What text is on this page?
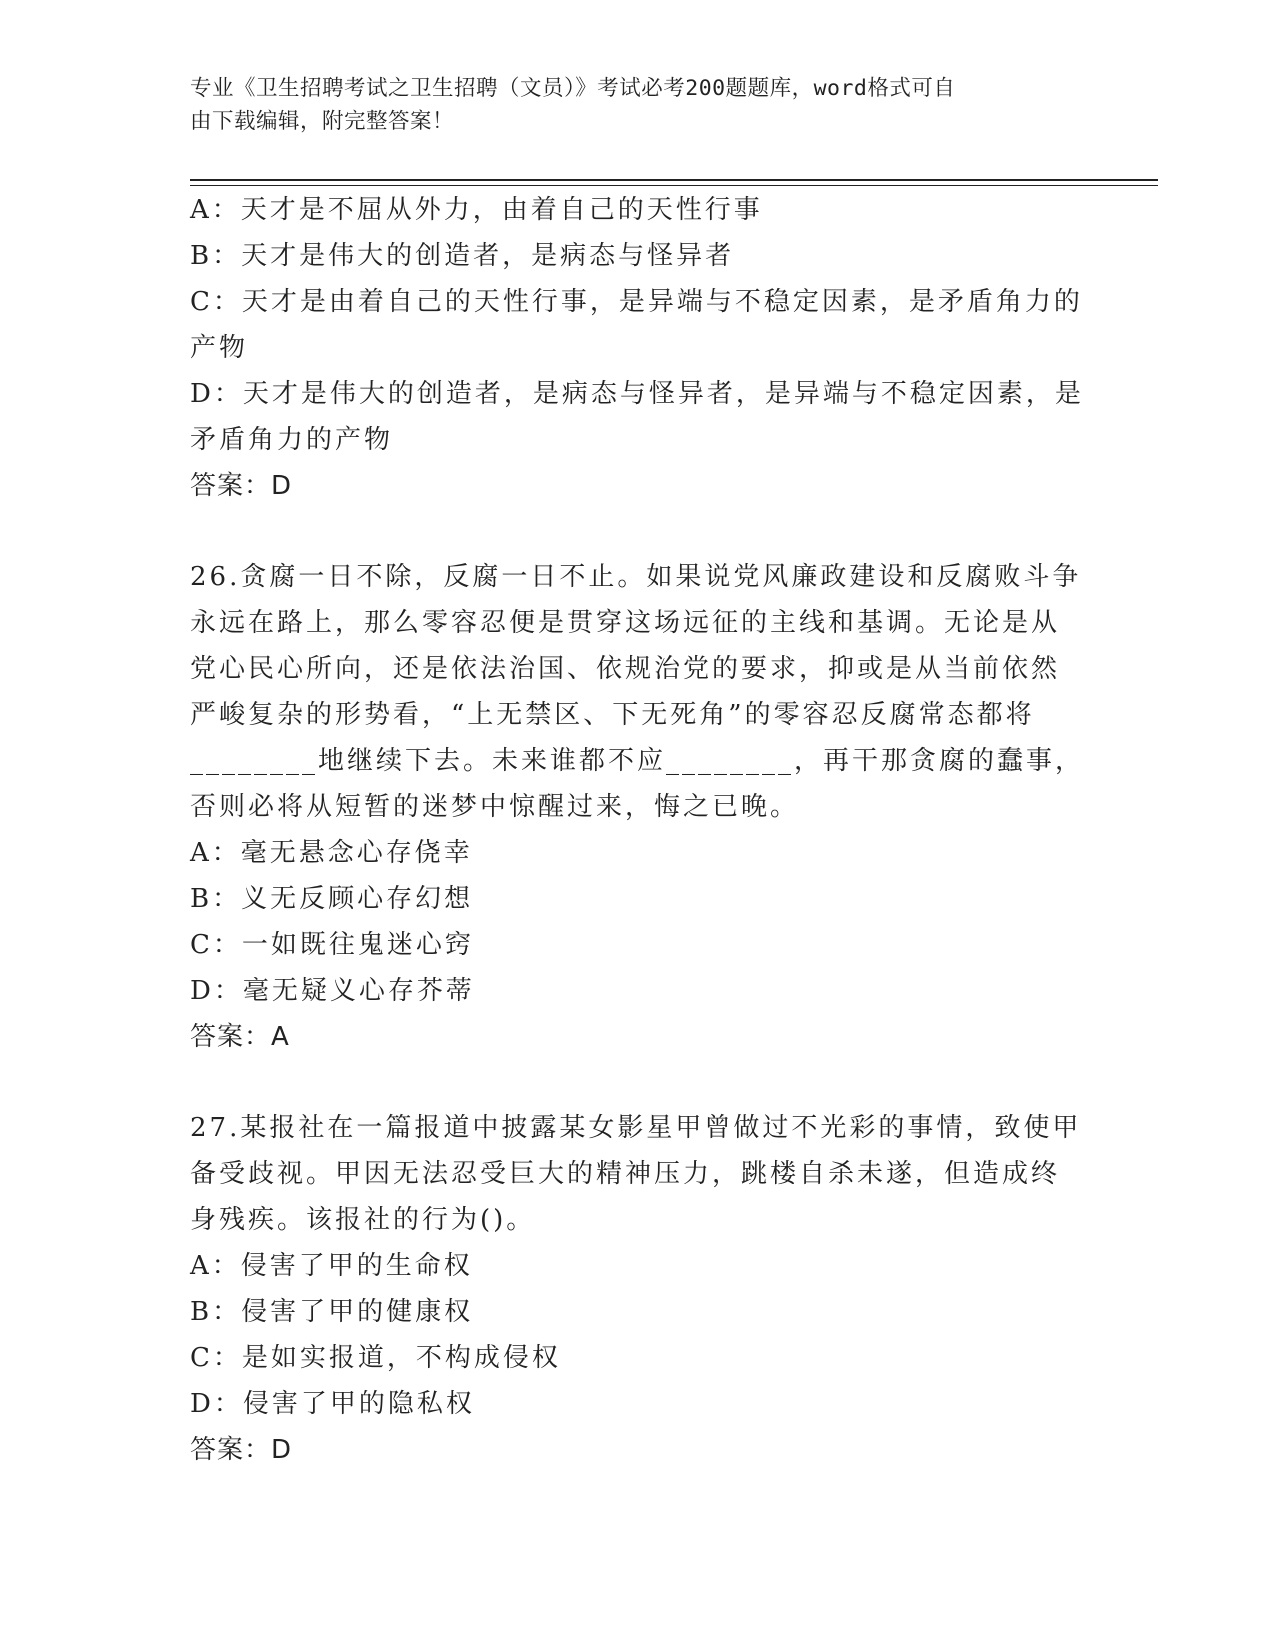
专业《卫生招聘考试之卫生招聘（文员）》考试必考200题题库，word格式可自
由下载编辑，附完整答案！

A：天才是不屈从外力，由着自己的天性行事

B：天才是伟大的创造者，是病态与怪异者

C：天才是由着自己的天性行事，是异端与不稳定因素，是矛盾角力的

产物

D：天才是伟大的创造者，是病态与怪异者，是异端与不稳定因素，是

矛盾角力的产物

答案：D

26.贪腐一日不除，反腐一日不止。如果说党风廉政建设和反腐败斗争

永远在路上，那么零容忍便是贯穿这场远征的主线和基调。无论是从

党心民心所向，还是依法治国、依规治党的要求，抑或是从当前依然

严峻复杂的形势看，“上无禁区、下无死角”的零容忍反腐常态都将

________地继续下去。未来谁都不应________，再干那贪腐的蠢事，

否则必将从短暂的迷梦中惊醒过来，悔之已晚。

A：毫无悬念心存侥幸

B：义无反顾心存幻想

C：一如既往鬼迷心窍

D：毫无疑义心存芥蒂

答案：A

27.某报社在一篇报道中披露某女影星甲曾做过不光彩的事情，致使甲

备受歧视。甲因无法忍受巨大的精神压力，跳楼自杀未遂，但造成终

身残疾。该报社的行为()。

A：侵害了甲的生命权

B：侵害了甲的健康权

C：是如实报道，不构成侵权

D：侵害了甲的隐私权

答案：D
